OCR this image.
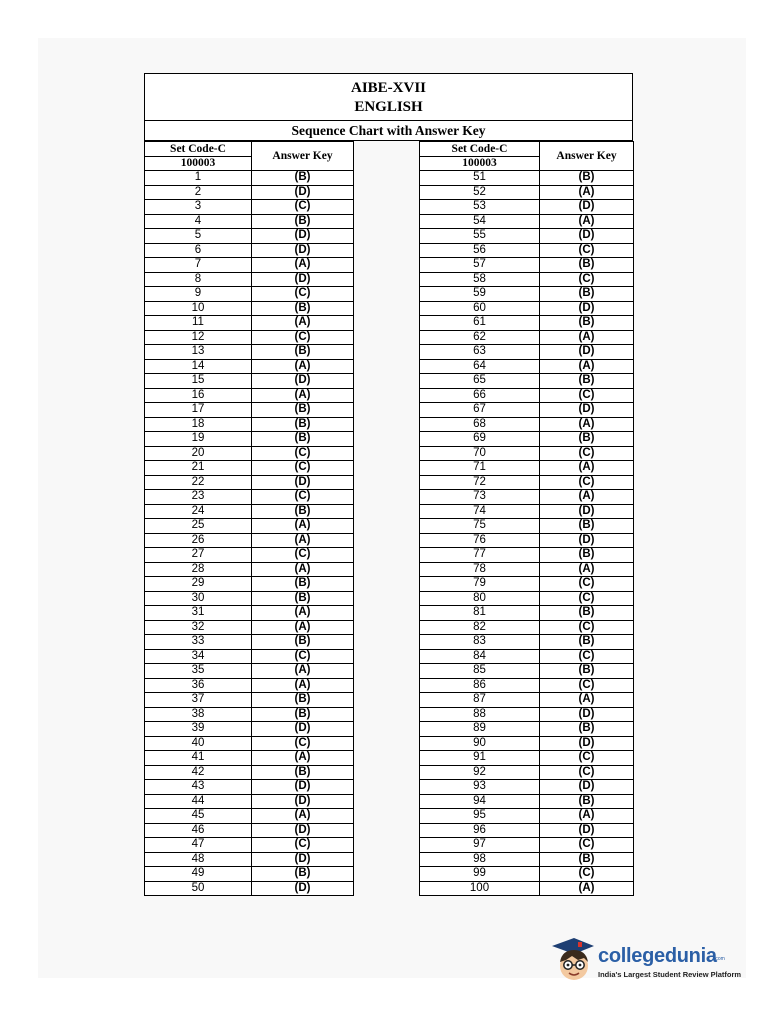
AIBE-XVII
ENGLISH
Sequence Chart with Answer Key
Set Code-C	Answer Key
100003	
1	(B)
2	(D)
3	(C)
4	(B)
5	(D)
6	(D)
7	(A)
8	(D)
9	(C)
10	(B)
11	(A)
12	(C)
13	(B)
14	(A)
15	(D)
16	(A)
17	(B)
18	(B)
19	(B)
20	(C)
21	(C)
22	(D)
23	(C)
24	(B)
25	(A)
26	(A)
27	(C)
28	(A)
29	(B)
30	(B)
31	(A)
32	(A)
33	(B)
34	(C)
35	(A)
36	(A)
37	(B)
38	(B)
39	(D)
40	(C)
41	(A)
42	(B)
43	(D)
44	(D)
45	(A)
46	(D)
47	(C)
48	(D)
49	(B)
50	(D)
Set Code-C	Answer Key
100003	
51	(B)
52	(A)
53	(D)
54	(A)
55	(D)
56	(C)
57	(B)
58	(C)
59	(B)
60	(D)
61	(B)
62	(A)
63	(D)
64	(A)
65	(B)
66	(C)
67	(D)
68	(A)
69	(B)
70	(C)
71	(A)
72	(C)
73	(A)
74	(D)
75	(B)
76	(D)
77	(B)
78	(A)
79	(C)
80	(C)
81	(B)
82	(C)
83	(B)
84	(C)
85	(B)
86	(C)
87	(A)
88	(D)
89	(B)
90	(D)
91	(C)
92	(C)
93	(D)
94	(B)
95	(A)
96	(D)
97	(C)
98	(B)
99	(C)
100	(A)
collegedunia
.com
India's Largest Student Review Platform
